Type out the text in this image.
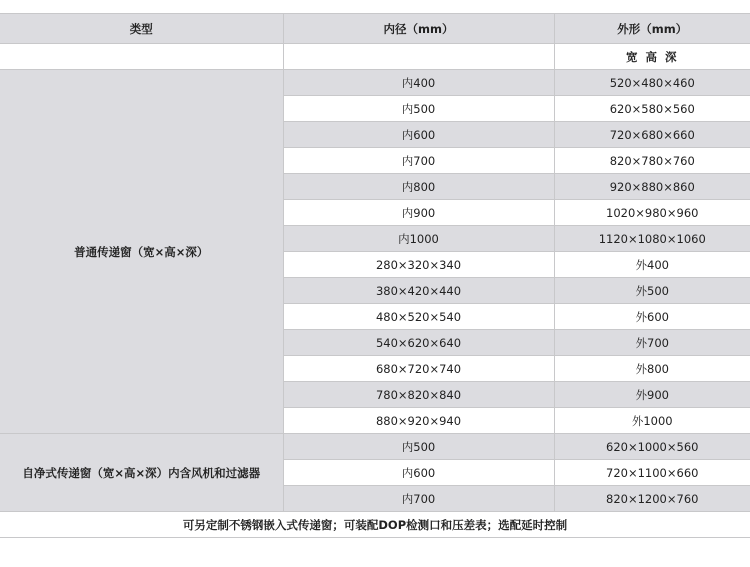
类型	内径（mm）	外形（mm）
		宽 高 深
普通传递窗（宽×高×深）	内400	520×480×460
	内500	620×580×560
	内600	720×680×660
	内700	820×780×760
	内800	920×880×860
	内900	1020×980×960
	内1000	1120×1080×1060
	280×320×340	外400
	380×420×440	外500
	480×520×540	外600
	540×620×640	外700
	680×720×740	外800
	780×820×840	外900
	880×920×940	外1000
自净式传递窗（宽×高×深）内含风机和过滤器	内500	620×1000×560
	内600	720×1100×660
	内700	820×1200×760
可另定制不锈钢嵌入式传递窗；可装配DOP检测口和压差表；选配延时控制		
